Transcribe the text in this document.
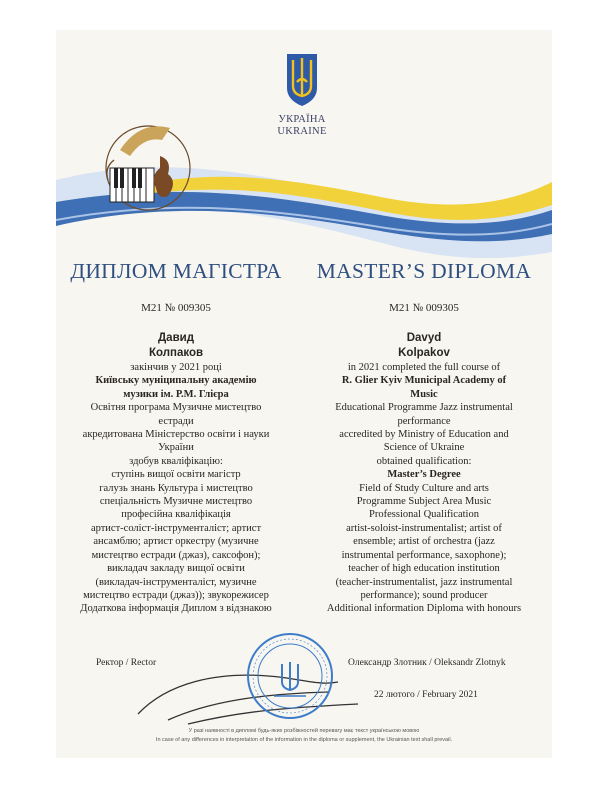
УКРАЇНА
UKRAINE
ДИПЛОМ МАГІСТРА
M21 № 009305
Давид
Колпаков
закінчив у 2021 році
Київську муніципальну академію
музики ім. Р.М. Глієра
Освітня програма Музичне мистецтво
естради
акредитована Міністерство освіти і науки
України
здобув кваліфікацію:
ступінь вищої освіти магістр
галузь знань Культура і мистецтво
спеціальність Музичне мистецтво
професійна кваліфікація
артист-соліст-інструменталіст; артист
ансамблю; артист оркестру (музичне
мистецтво естради (джаз), саксофон);
викладач закладу вищої освіти
(викладач-інструменталіст, музичне
мистецтво естради (джаз)); звукорежисер
Додаткова інформація Диплом з відзнакою
MASTER’S DIPLOMA
M21 № 009305
Davyd
Kolpakov
in 2021 completed the full course of
R. Glier Kyiv Municipal Academy of
Music
Educational Programme Jazz instrumental
performance
accredited by Ministry of Education and
Science of Ukraine
obtained qualification:
Master’s Degree
Field of Study Culture and arts
Programme Subject Area Music
Professional Qualification
artist-soloist-instrumentalist; artist of
ensemble; artist of orchestra (jazz
instrumental performance, saxophone);
teacher of high education institution
(teacher-instrumentalist, jazz instrumental
performance); sound producer
Additional information Diploma with honours
Ректор / Rector	Олександр Злотник / Oleksandr Zlotnyk
22 лютого / February 2021
У разі наявності в дипломі будь-яких розбіжностей перевагу має текст українською мовою
In case of any differences in interpretation of the information in the diploma or supplement, the Ukrainian text shall prevail.
